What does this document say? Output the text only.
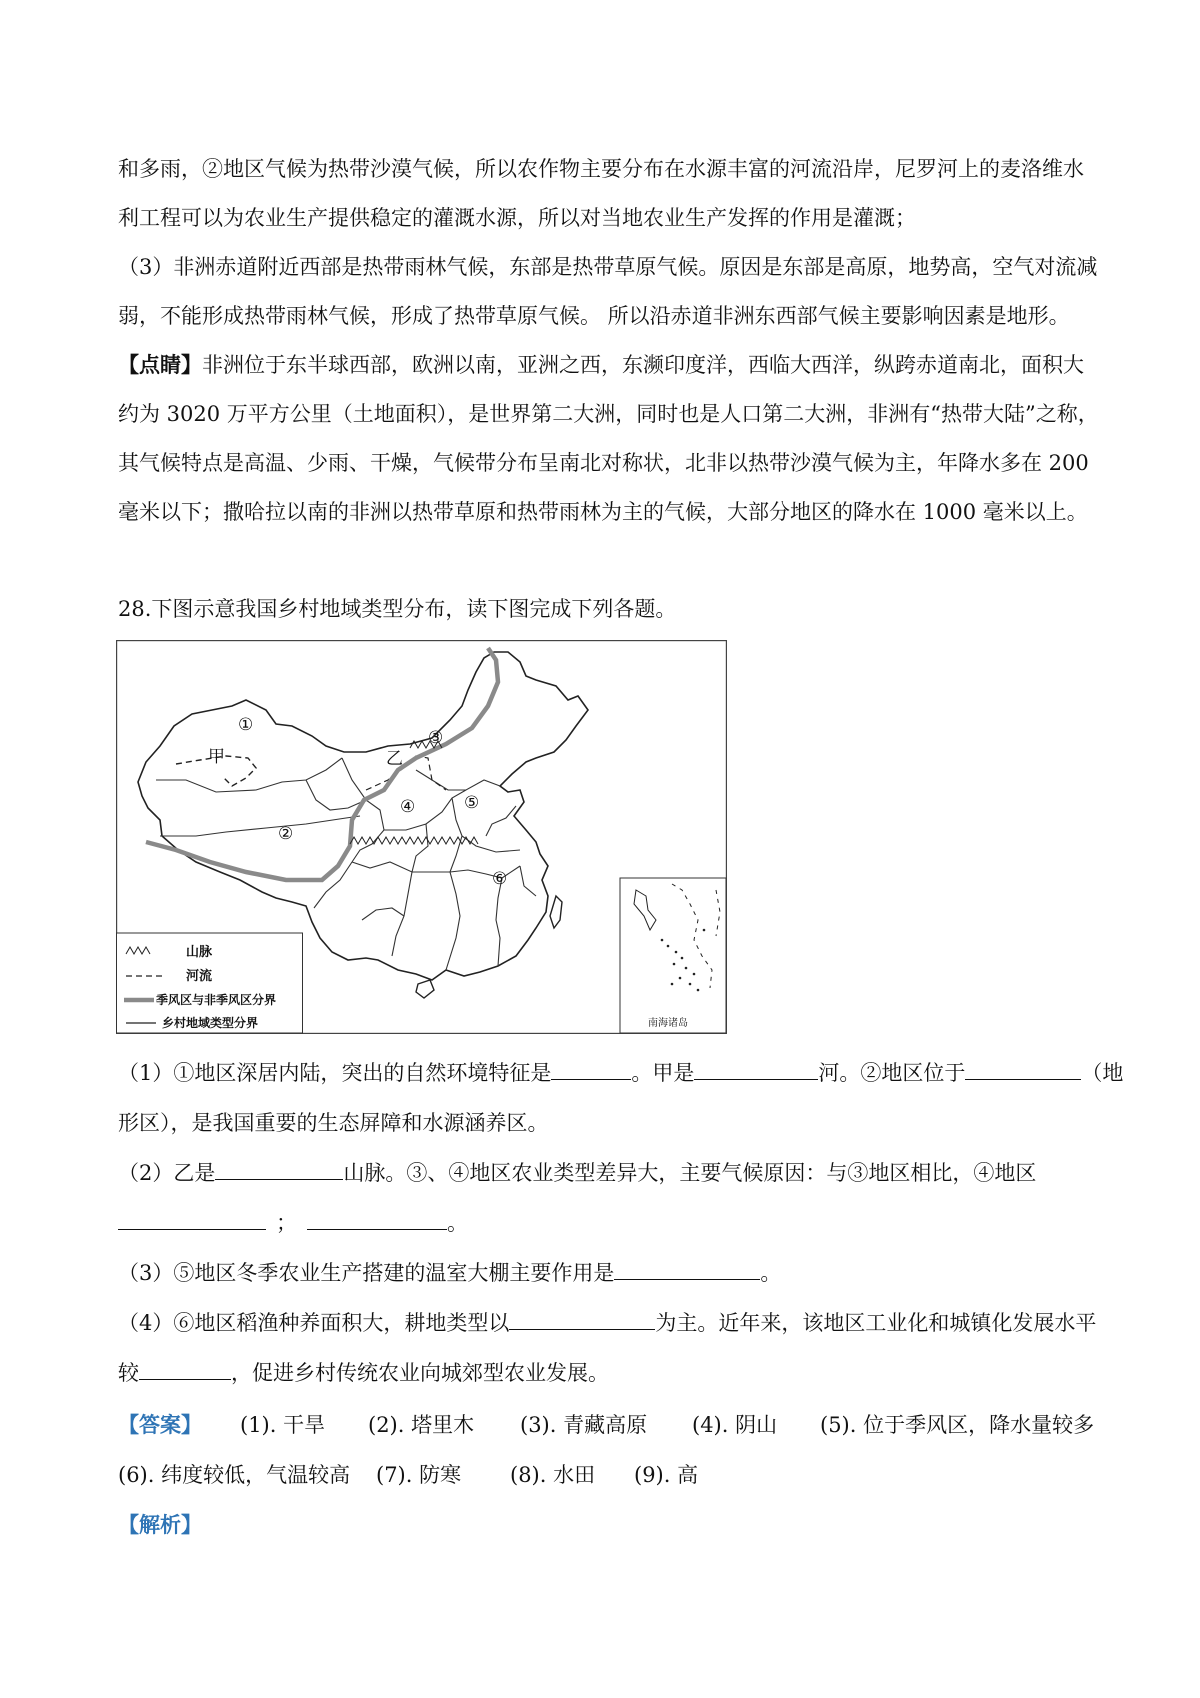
和多雨，②地区气候为热带沙漠气候，所以农作物主要分布在水源丰富的河流沿岸，尼罗河上的麦洛维水
利工程可以为农业生产提供稳定的灌溉水源，所以对当地农业生产发挥的作用是灌溉；
（3）非洲赤道附近西部是热带雨林气候，东部是热带草原气候。原因是东部是高原，地势高，空气对流减
弱，不能形成热带雨林气候，形成了热带草原气候。 所以沿赤道非洲东西部气候主要影响因素是地形。
【点睛】非洲位于东半球西部，欧洲以南，亚洲之西，东濒印度洋，西临大西洋，纵跨赤道南北，面积大
约为 3020 万平方公里（土地面积），是世界第二大洲，同时也是人口第二大洲，非洲有“热带大陆”之称，
其气候特点是高温、少雨、干燥，气候带分布呈南北对称状，北非以热带沙漠气候为主，年降水多在 200
毫米以下；撒哈拉以南的非洲以热带草原和热带雨林为主的气候，大部分地区的降水在 1000 毫米以上。
28.下图示意我国乡村地域类型分布，读下图完成下列各题。
①
②
③
④	⑤
⑥
甲	乙
南海诸岛
山脉
河流
季风区与非季风区分界
乡村地域类型分界
（1）①地区深居内陆，突出的自然环境特征是	。甲是	河。②地区位于	（地
形区），是我国重要的生态屏障和水源涵养区。
（2）乙是	山脉。③、④地区农业类型差异大，主要气候原因：与③地区相比，④地区
；	。
（3）⑤地区冬季农业生产搭建的温室大棚主要作用是	。
（4）⑥地区稻渔种养面积大，耕地类型以	为主。近年来，该地区工业化和城镇化发展水平
较	，促进乡村传统农业向城郊型农业发展。
【答案】 (1). 干旱 (2). 塔里木 (3). 青藏高原 (4). 阴山 (5). 位于季风区，降水量较多
(6). 纬度较低，气温较高 (7). 防寒 (8). 水田 (9). 高
【解析】
